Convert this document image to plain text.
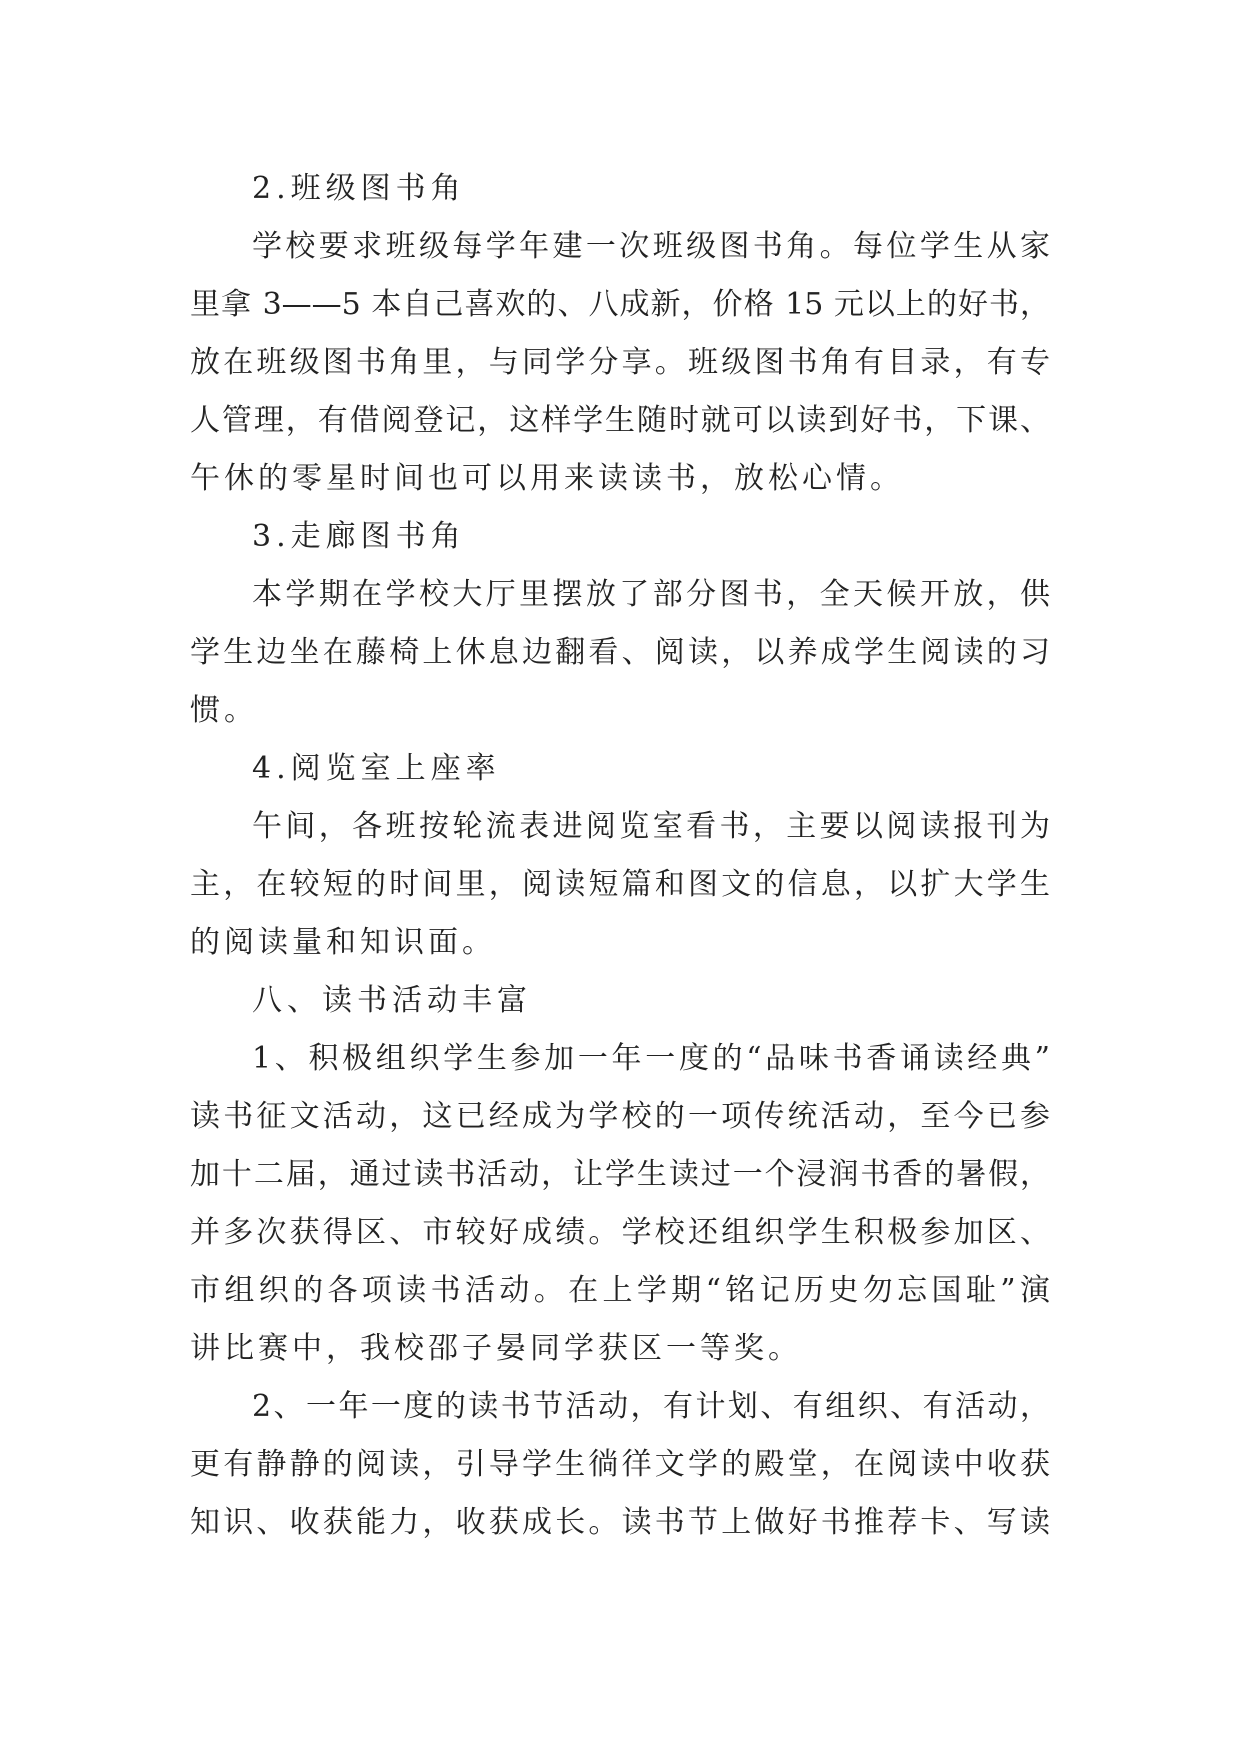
2.班级图书角
学校要求班级每学年建一次班级图书角。每位学生从家
里拿 3——5 本自己喜欢的、八成新，价格 15 元以上的好书，
放在班级图书角里，与同学分享。班级图书角有目录，有专
人管理，有借阅登记，这样学生随时就可以读到好书，下课、
午休的零星时间也可以用来读读书，放松心情。
3.走廊图书角
本学期在学校大厅里摆放了部分图书，全天候开放，供
学生边坐在藤椅上休息边翻看、阅读，以养成学生阅读的习
惯。
4.阅览室上座率
午间，各班按轮流表进阅览室看书，主要以阅读报刊为
主，在较短的时间里，阅读短篇和图文的信息，以扩大学生
的阅读量和知识面。
八、读书活动丰富
1、积极组织学生参加一年一度的“品味书香诵读经典”
读书征文活动，这已经成为学校的一项传统活动，至今已参
加十二届，通过读书活动，让学生读过一个浸润书香的暑假，
并多次获得区、市较好成绩。学校还组织学生积极参加区、
市组织的各项读书活动。在上学期“铭记历史勿忘国耻”演
讲比赛中，我校邵子晏同学获区一等奖。
2、一年一度的读书节活动，有计划、有组织、有活动，
更有静静的阅读，引导学生徜徉文学的殿堂，在阅读中收获
知识、收获能力，收获成长。读书节上做好书推荐卡、写读
